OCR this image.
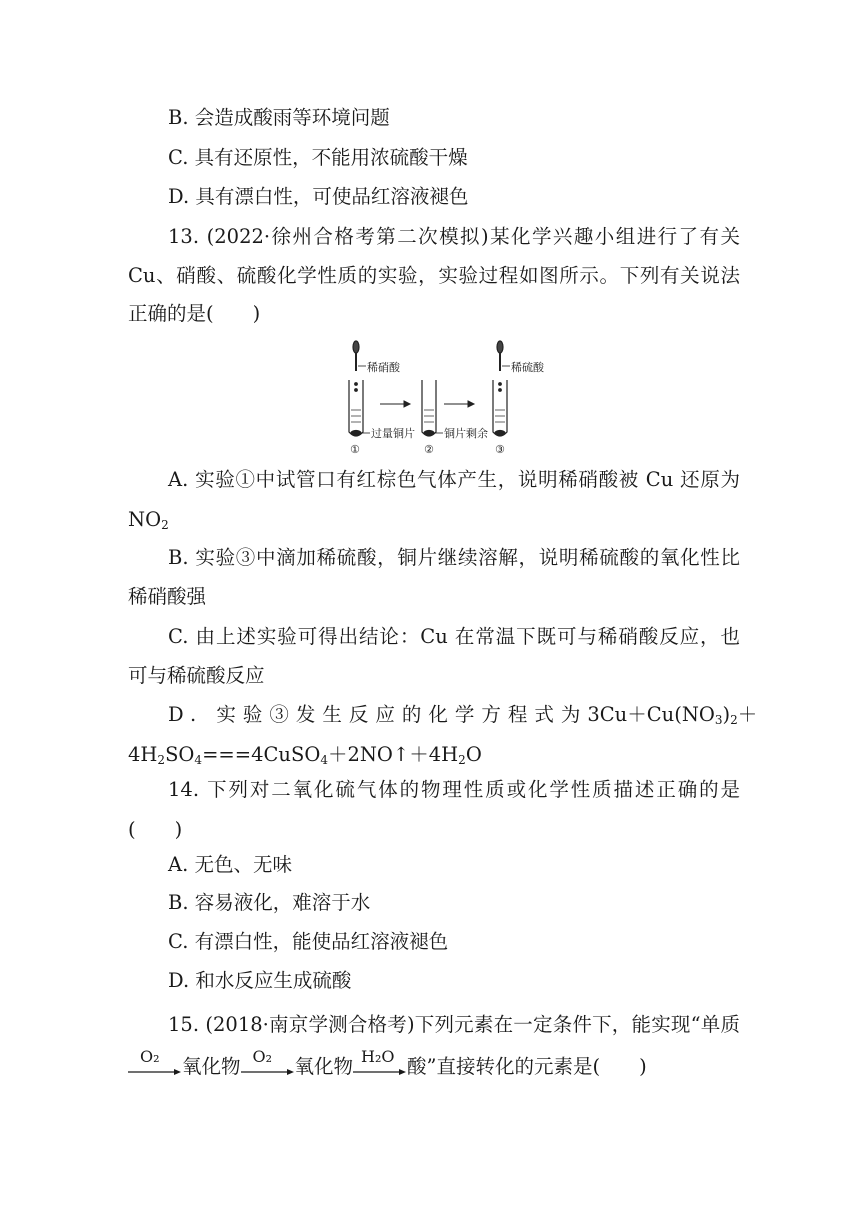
B. 会造成酸雨等环境问题
C. 具有还原性，不能用浓硫酸干燥
D. 具有漂白性，可使品红溶液褪色
13. (2022·徐州合格考第二次模拟)某化学兴趣小组进行了有关
Cu、硝酸、硫酸化学性质的实验，实验过程如图所示。下列有关说法
正确的是(　　)
稀硝酸
过量铜片
①
铜片剩余
②
稀硫酸
③
A. 实验①中试管口有红棕色气体产生，说明稀硝酸被 Cu 还原为
$NO_2$
B. 实验③中滴加稀硫酸，铜片继续溶解，说明稀硫酸的氧化性比
稀硝酸强
C. 由上述实验可得出结论：Cu 在常温下既可与稀硝酸反应，也
可与稀硫酸反应
D. 实验③发生反应的化学方程式为 $3Cu+Cu(NO_3)_2+$
$4H_2SO_4===4CuSO_4+2NO↑+4H_2O$
14. 下列对二氧化硫气体的物理性质或化学性质描述正确的是
(　　)
A. 无色、无味
B. 容易液化，难溶于水
C. 有漂白性，能使品红溶液褪色
D. 和水反应生成硫酸
15. (2018·南京学测合格考)下列元素在一定条件下，能实现“单质
O₂ 氧化物 O₂ 氧化物 H₂O 酸”直接转化的元素是(　　)
